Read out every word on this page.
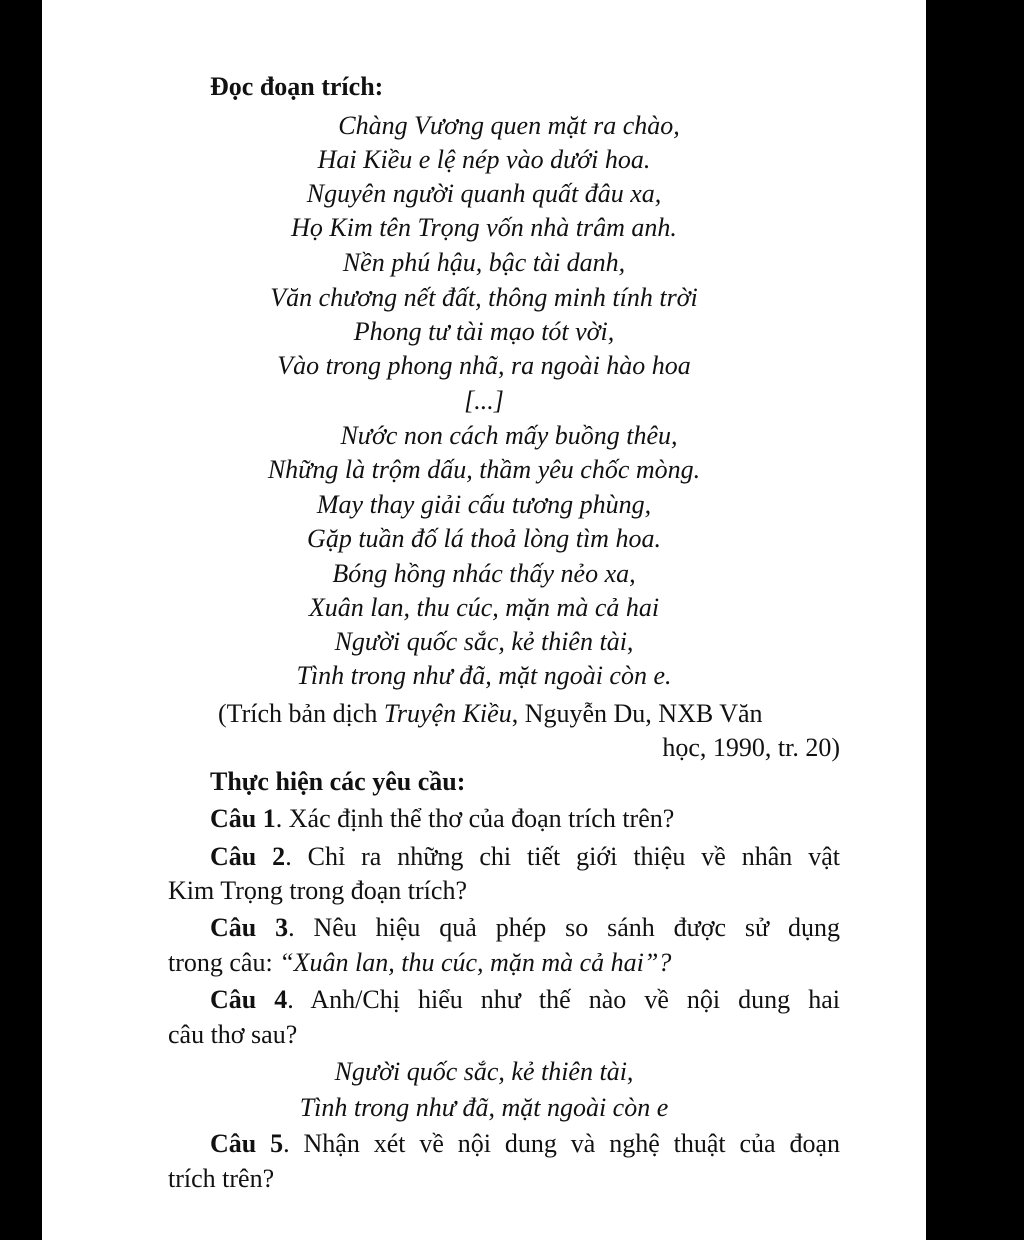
Đọc đoạn trích:
Chàng Vương quen mặt ra chào,
Hai Kiều e lệ nép vào dưới hoa.
Nguyên người quanh quất đâu xa,
Họ Kim tên Trọng vốn nhà trâm anh.
Nền phú hậu, bậc tài danh,
Văn chương nết đất, thông minh tính trời
Phong tư tài mạo tót vời,
Vào trong phong nhã, ra ngoài hào hoa
[...]
Nước non cách mấy buồng thêu,
Những là trộm dấu, thầm yêu chốc mòng.
May thay giải cấu tương phùng,
Gặp tuần đố lá thoả lòng tìm hoa.
Bóng hồng nhác thấy nẻo xa,
Xuân lan, thu cúc, mặn mà cả hai
Người quốc sắc, kẻ thiên tài,
Tình trong như đã, mặt ngoài còn e.
(Trích bản dịch Truyện Kiều, Nguyễn Du, NXB Văn
học, 1990, tr. 20)
Thực hiện các yêu cầu:
Câu 1. Xác định thể thơ của đoạn trích trên?
Câu 2. Chỉ ra những chi tiết giới thiệu về nhân vật
Kim Trọng trong đoạn trích?
Câu 3. Nêu hiệu quả phép so sánh được sử dụng
trong câu: “Xuân lan, thu cúc, mặn mà cả hai”?
Câu 4. Anh/Chị hiểu như thế nào về nội dung hai
câu thơ sau?
Người quốc sắc, kẻ thiên tài,
Tình trong như đã, mặt ngoài còn e
Câu 5. Nhận xét về nội dung và nghệ thuật của đoạn
trích trên?
